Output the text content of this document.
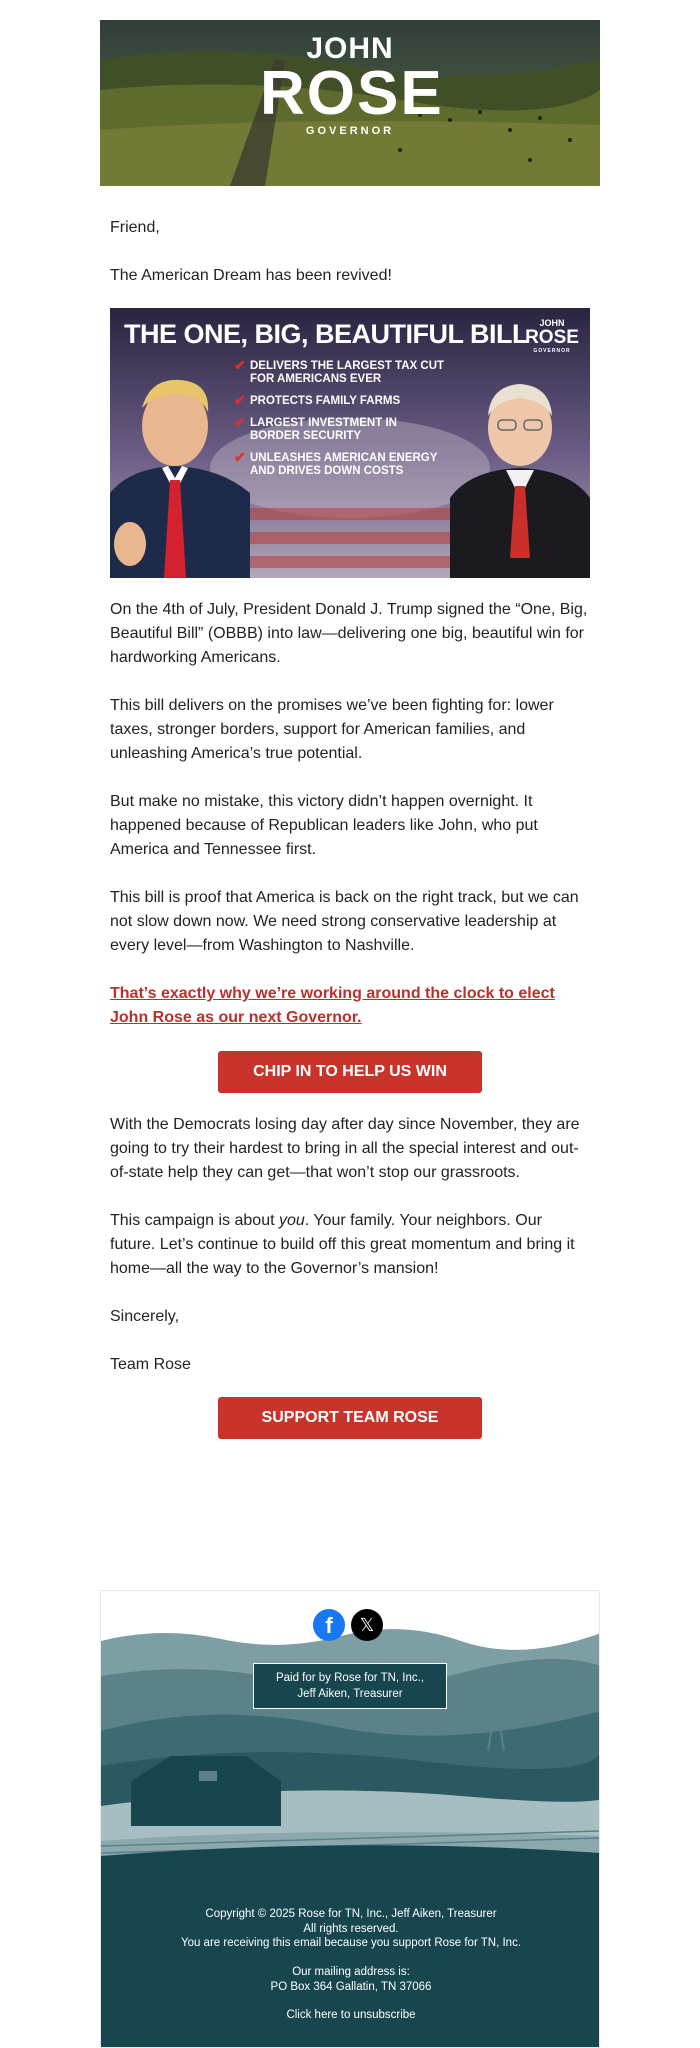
JOHN
ROSE
GOVERNOR

Friend,

The American Dream has been revived!

THE ONE, BIG, BEAUTIFUL BILL	JOHN
ROSE
GOVERNOR
✔ DELIVERS THE LARGEST TAX CUT
FOR AMERICANS EVER
✔ PROTECTS FAMILY FARMS
✔ LARGEST INVESTMENT IN
BORDER SECURITY
✔ UNLEASHES AMERICAN ENERGY
AND DRIVES DOWN COSTS

On the 4th of July, President Donald J. Trump signed the “One, Big, Beautiful Bill” (OBBB) into law—delivering one big, beautiful win for hardworking Americans.

This bill delivers on the promises we’ve been fighting for: lower taxes, stronger borders, support for American families, and unleashing America’s true potential.

But make no mistake, this victory didn’t happen overnight. It happened because of Republican leaders like John, who put America and Tennessee first.

This bill is proof that America is back on the right track, but we can not slow down now. We need strong conservative leadership at every level—from Washington to Nashville.

That’s exactly why we’re working around the clock to elect John Rose as our next Governor.
CHIP IN TO HELP US WIN

With the Democrats losing day after day since November, they are going to try their hardest to bring in all the special interest and out-of-state help they can get—that won’t stop our grassroots.

This campaign is about you. Your family. Your neighbors. Our future. Let’s continue to build off this great momentum and bring it home—all the way to the Governor’s mansion!

Sincerely,

Team Rose

SUPPORT TEAM ROSE
f	𝕏
Paid for by Rose for TN, Inc.,
Jeff Aiken, Treasurer
Copyright © 2025 Rose for TN, Inc., Jeff Aiken, Treasurer
All rights reserved.
You are receiving this email because you support Rose for TN, Inc.
Our mailing address is:
PO Box 364 Gallatin, TN 37066
Click here to unsubscribe
